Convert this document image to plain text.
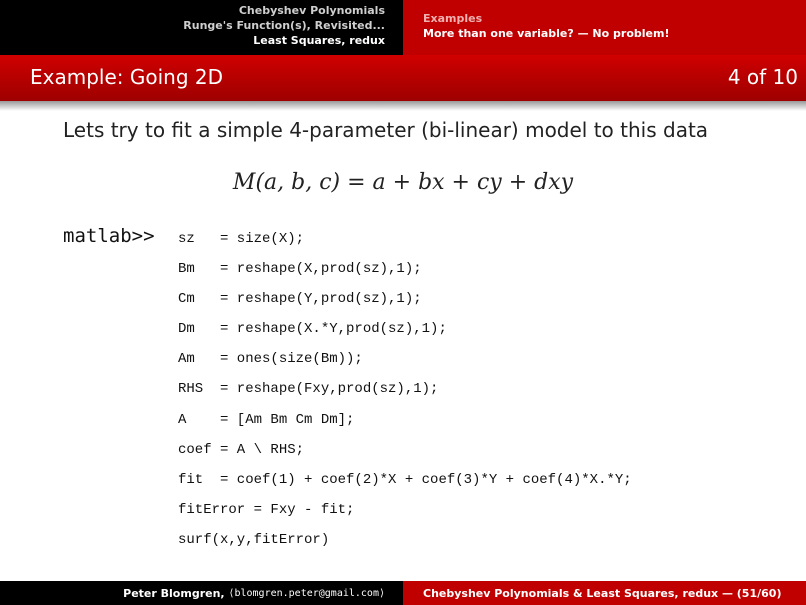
Chebyshev Polynomials
Runge's Function(s), Revisited...
Least Squares, redux
Examples
More than one variable? — No problem!
Example: Going 2D	4 of 10
Lets try to fit a simple 4-parameter (bi-linear) model to this data
M(a, b, c) = a + bx + cy + dxy
matlab>> sz   = size(X);
Bm   = reshape(X,prod(sz),1);
Cm   = reshape(Y,prod(sz),1);
Dm   = reshape(X.*Y,prod(sz),1);
Am   = ones(size(Bm));
RHS  = reshape(Fxy,prod(sz),1);
A    = [Am Bm Cm Dm];
coef = A \ RHS;
fit  = coef(1) + coef(2)*X + coef(3)*Y + coef(4)*X.*Y;
fitError = Fxy - fit;
surf(x,y,fitError)
Peter Blomgren,
⟨blomgren.peter@gmail.com⟩	Chebyshev Polynomials & Least Squares, redux — (51/60)
